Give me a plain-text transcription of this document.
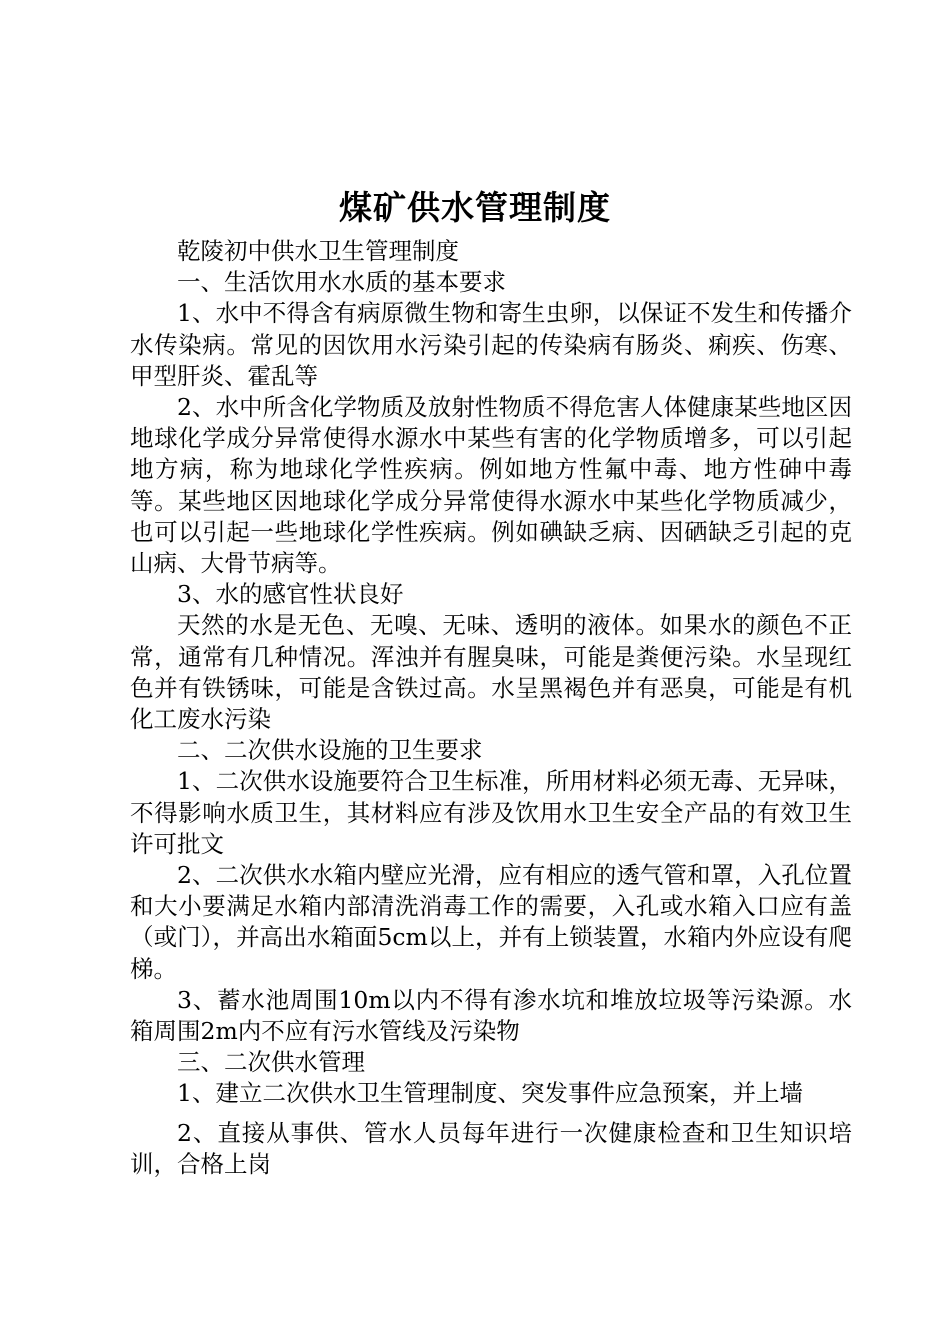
煤矿供水管理制度

乾陵初中供水卫生管理制度

一、生活饮用水水质的基本要求

1、水中不得含有病原微生物和寄生虫卵，以保证不发生和传播介水传染病。常见的因饮用水污染引起的传染病有肠炎、痢疾、伤寒、甲型肝炎、霍乱等

2、水中所含化学物质及放射性物质不得危害人体健康某些地区因地球化学成分异常使得水源水中某些有害的化学物质增多，可以引起地方病，称为地球化学性疾病。例如地方性氟中毒、地方性砷中毒等。某些地区因地球化学成分异常使得水源水中某些化学物质减少，也可以引起一些地球化学性疾病。例如碘缺乏病、因硒缺乏引起的克山病、大骨节病等。

3、水的感官性状良好

天然的水是无色、无嗅、无味、透明的液体。如果水的颜色不正常，通常有几种情况。浑浊并有腥臭味，可能是粪便污染。水呈现红色并有铁锈味，可能是含铁过高。水呈黑褐色并有恶臭，可能是有机化工废水污染

二、二次供水设施的卫生要求

1、二次供水设施要符合卫生标准，所用材料必须无毒、无异味，不得影响水质卫生，其材料应有涉及饮用水卫生安全产品的有效卫生许可批文

2、二次供水水箱内壁应光滑，应有相应的透气管和罩，入孔位置和大小要满足水箱内部清洗消毒工作的需要，入孔或水箱入口应有盖（或门），并高出水箱面5cm以上，并有上锁装置，水箱内外应设有爬梯。

3、蓄水池周围10m以内不得有渗水坑和堆放垃圾等污染源。水箱周围2m内不应有污水管线及污染物

三、二次供水管理

1、建立二次供水卫生管理制度、突发事件应急预案，并上墙

2、直接从事供、管水人员每年进行一次健康检查和卫生知识培训，合格上岗
